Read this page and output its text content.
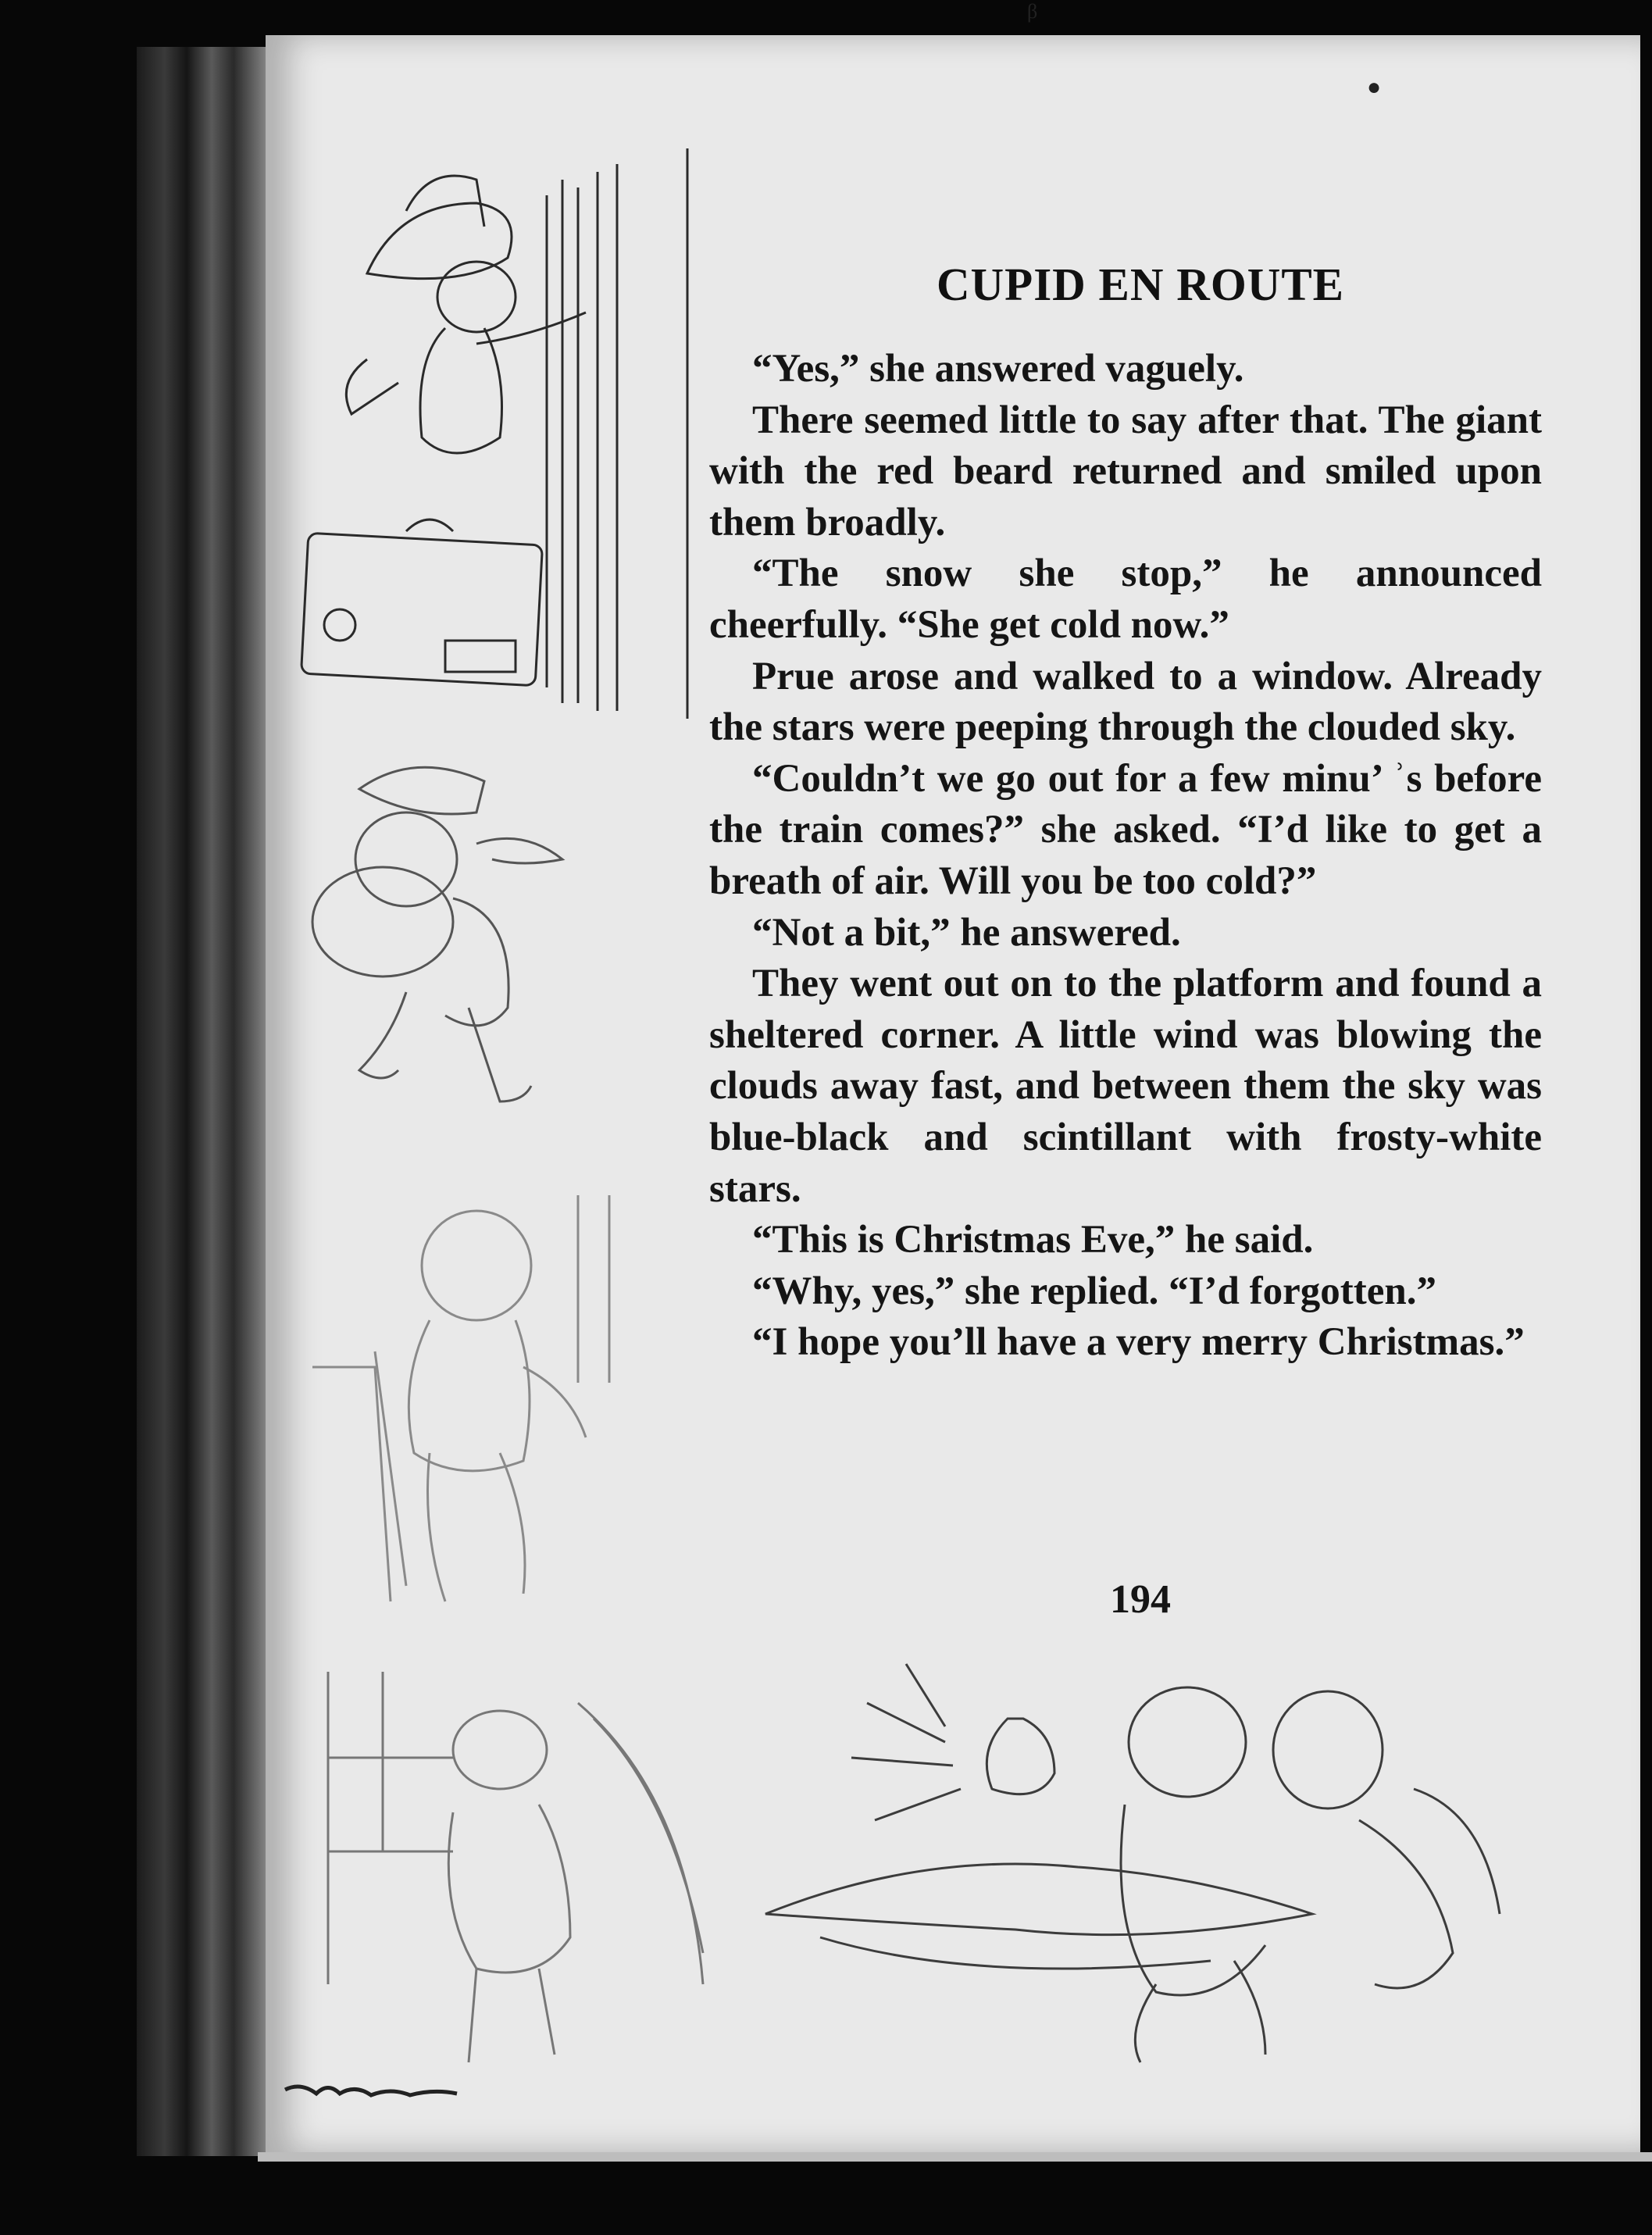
β
●
CUPID EN ROUTE

“Yes,” she answered vaguely.

There seemed little to say after that. The giant with the red beard returned and smiled upon them broadly.

“The snow she stop,” he announced cheerfully. “She get cold now.”

Prue arose and walked to a window. Already the stars were peeping through the clouded sky.

“Couldn’t we go out for a few minu’ ʾs before the train comes?” she asked. “I’d like to get a breath of air. Will you be too cold?”

“Not a bit,” he answered.

They went out on to the platform and found a sheltered corner. A little wind was blowing the clouds away fast, and between them the sky was blue-black and scintillant with frosty-white stars.

“This is Christmas Eve,” he said.

“Why, yes,” she replied. “I’d forgotten.”

“I hope you’ll have a very merry Christmas.”

194
